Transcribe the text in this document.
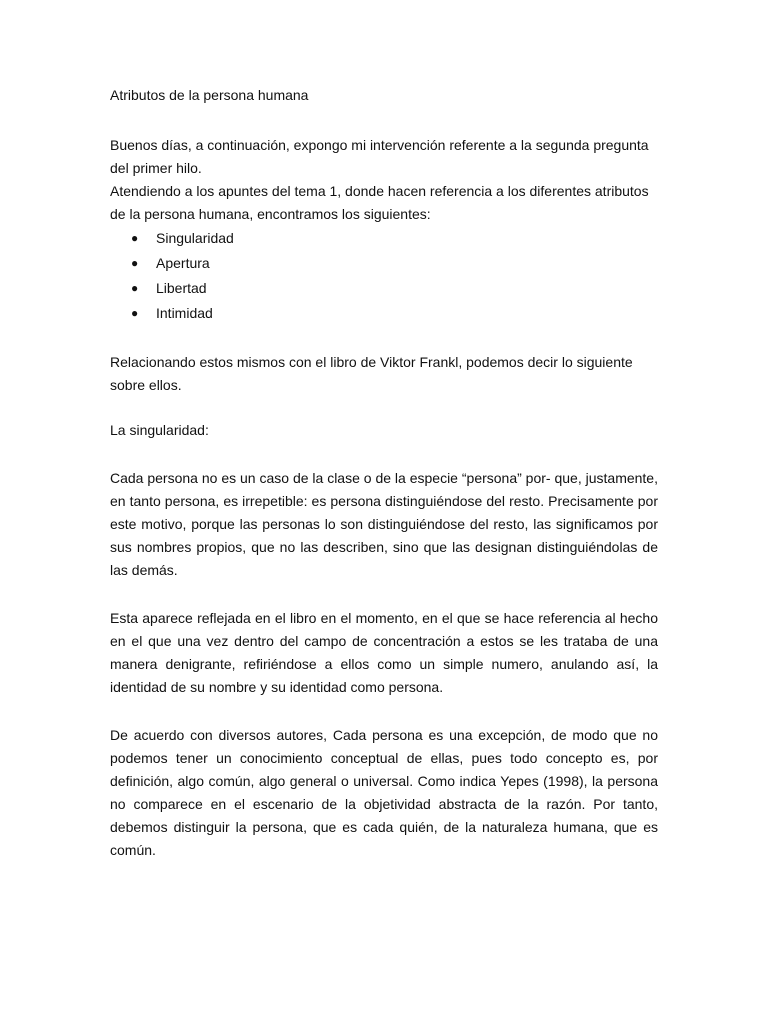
Atributos de la persona humana

Buenos días, a continuación, expongo mi intervención referente a la segunda pregunta del primer hilo.

Atendiendo a los apuntes del tema 1, donde hacen referencia a los diferentes atributos de la persona humana, encontramos los siguientes:

● Singularidad
● Apertura
● Libertad
● Intimidad

Relacionando estos mismos con el libro de Viktor Frankl, podemos decir lo siguiente sobre ellos.

La singularidad:

Cada persona no es un caso de la clase o de la especie “persona” por- que, justamente, en tanto persona, es irrepetible: es persona distinguiéndose del resto. Precisamente por este motivo, porque las personas lo son distinguiéndose del resto, las significamos por sus nombres propios, que no las describen, sino que las designan distinguiéndolas de las demás.

Esta aparece reflejada en el libro en el momento, en el que se hace referencia al hecho en el que una vez dentro del campo de concentración a estos se les trataba de una manera denigrante, refiriéndose a ellos como un simple numero, anulando así, la identidad de su nombre y su identidad como persona.

De acuerdo con diversos autores, Cada persona es una excepción, de modo que no podemos tener un conocimiento conceptual de ellas, pues todo concepto es, por definición, algo común, algo general o universal. Como indica Yepes (1998), la persona no comparece en el escenario de la objetividad abstracta de la razón. Por tanto, debemos distinguir la persona, que es cada quién, de la naturaleza humana, que es común.
